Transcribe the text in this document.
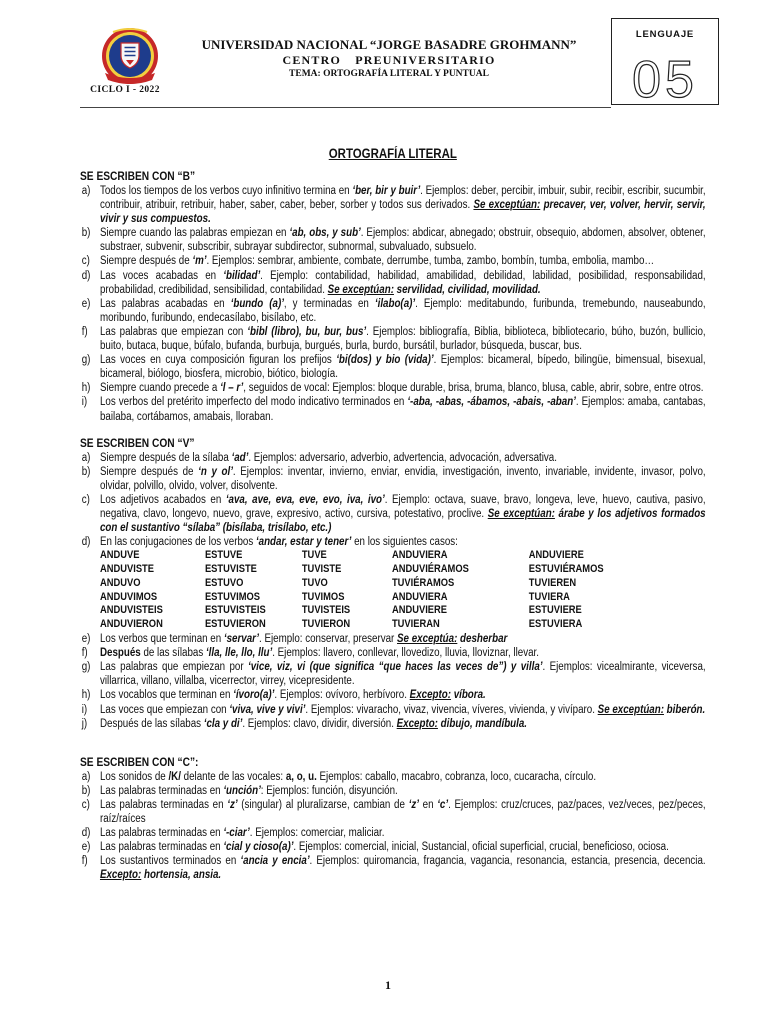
CICLO I - 2022
UNIVERSIDAD NACIONAL “JORGE BASADRE GROHMANN”
CENTRO PREUNIVERSITARIO
TEMA: ORTOGRAFÍA LITERAL Y PUNTUAL
LENGUAJE
05
ORTOGRAFÍA LITERAL
SE ESCRIBEN CON “B”
a) Todos los tiempos de los verbos cuyo infinitivo termina en ‘ber, bir y buir’. Ejemplos: deber, percibir, imbuir, subir, recibir, escribir, sucumbir, contribuir, atribuir, retribuir, haber, saber, caber, beber, sorber y todos sus derivados. Se exceptúan: precaver, ver, volver, hervir, servir, vivir y sus compuestos.
b) Siempre cuando las palabras empiezan en ‘ab, obs, y sub’. Ejemplos: abdicar, abnegado; obstruir, obsequio, abdomen, absolver, obtener, substraer, subvenir, subscribir, subrayar subdirector, subnormal, subvaluado, subsuelo.
c) Siempre después de ‘m’. Ejemplos: sembrar, ambiente, combate, derrumbe, tumba, zambo, bombín, tumba, embolia, mambo…
d) Las voces acabadas en ‘bilidad’. Ejemplo: contabilidad, habilidad, amabilidad, debilidad, labilidad, posibilidad, responsabilidad, probabilidad, credibilidad, sensibilidad, contabilidad. Se exceptúan: servilidad, civilidad, movilidad.
e) Las palabras acabadas en ‘bundo (a)’, y terminadas en ‘ilabo(a)’. Ejemplo: meditabundo, furibunda, tremebundo, nauseabundo, moribundo, furibundo, endecasílabo, bisílabo, etc.
f) Las palabras que empiezan con ‘bibl (libro), bu, bur, bus’. Ejemplos: bibliografía, Biblia, biblioteca, bibliotecario, búho, buzón, bullicio, buito, butaca, buque, búfalo, bufanda, burbuja, burgués, burla, burdo, bursátil, burlador, búsqueda, buscar, bus.
g) Las voces en cuya composición figuran los prefijos ‘bi(dos) y bio (vida)’. Ejemplos: bicameral, bípedo, bilingüe, bimensual, bisexual, bicameral, biólogo, biosfera, microbio, biótico, biología.
h) Siempre cuando precede a ‘l – r’, seguidos de vocal: Ejemplos: bloque durable, brisa, bruma, blanco, blusa, cable, abrir, sobre, entre otros.
i) Los verbos del pretérito imperfecto del modo indicativo terminados en ‘-aba, -abas, -ábamos, -abais, -aban’. Ejemplos: amaba, cantabas, bailaba, cortábamos, amabais, lloraban.
SE ESCRIBEN CON “V”
a) Siempre después de la sílaba ‘ad’. Ejemplos: adversario, adverbio, advertencia, advocación, adversativa.
b) Siempre después de ‘n y ol’. Ejemplos: inventar, invierno, enviar, envidia, investigación, invento, invariable, invidente, invasor, polvo, olvidar, polvillo, olvido, volver, disolvente.
c) Los adjetivos acabados en ‘ava, ave, eva, eve, evo, iva, ivo’. Ejemplo: octava, suave, bravo, longeva, leve, huevo, cautiva, pasivo, negativa, clavo, longevo, nuevo, grave, expresivo, activo, cursiva, potestativo, proclive. Se exceptúan: árabe y los adjetivos formados con el sustantivo “sílaba” (bisílaba, trisílabo, etc.)
d) En las conjugaciones de los verbos ‘andar, estar y tener’ en los siguientes casos:
ANDUVE	ESTUVE	TUVE	ANDUVIERA	ANDUVIERE
ANDUVISTE	ESTUVISTE	TUVISTE	ANDUVIÉRAMOS	ESTUVIÉRAMOS
ANDUVO	ESTUVO	TUVO	TUVIÉRAMOS	TUVIEREN
ANDUVIMOS	ESTUVIMOS	TUVIMOS	ANDUVIERA	TUVIERA
ANDUVISTEIS	ESTUVISTEIS	TUVISTEIS	ANDUVIERE	ESTUVIERE
ANDUVIERON	ESTUVIERON	TUVIERON	TUVIERAN	ESTUVIERA
e) Los verbos que terminan en ‘servar’. Ejemplo: conservar, preservar Se exceptúa: desherbar
f) Después de las sílabas ‘lla, lle, llo, llu’. Ejemplos: llavero, conllevar, llovedizo, lluvia, lloviznar, llevar.
g) Las palabras que empiezan por ‘vice, viz, vi (que significa “que haces las veces de”) y villa’. Ejemplos: vicealmirante, viceversa, villarrica, villano, villalba, vicerrector, virrey, vicepresidente.
h) Los vocablos que terminan en ‘ívoro(a)’. Ejemplos: ovívoro, herbívoro. Excepto: víbora.
i) Las voces que empiezan con ‘viva, vive y vivi’. Ejemplos: vivaracho, vivaz, vivencia, víveres, vivienda, y vivíparo. Se exceptúan: biberón.
j) Después de las sílabas ‘cla y di’. Ejemplos: clavo, dividir, diversión. Excepto: dibujo, mandíbula.
SE ESCRIBEN CON “C”:
a) Los sonidos de /K/ delante de las vocales: a, o, u. Ejemplos: caballo, macabro, cobranza, loco, cucaracha, círculo.
b) Las palabras terminadas en ‘unción’: Ejemplos: función, disyunción.
c) Las palabras terminadas en ‘z’ (singular) al pluralizarse, cambian de ‘z’ en ‘c’. Ejemplos: cruz/cruces, paz/paces, vez/veces, pez/peces, raíz/raíces
d) Las palabras terminadas en ‘-ciar’. Ejemplos: comerciar, maliciar.
e) Las palabras terminadas en ‘cial y cioso(a)’. Ejemplos: comercial, inicial, Sustancial, oficial superficial, crucial, beneficioso, ociosa.
f) Los sustantivos terminados en ‘ancia y encia’. Ejemplos: quiromancia, fragancia, vagancia, resonancia, estancia, presencia, decencia. Excepto: hortensia, ansia.
1
